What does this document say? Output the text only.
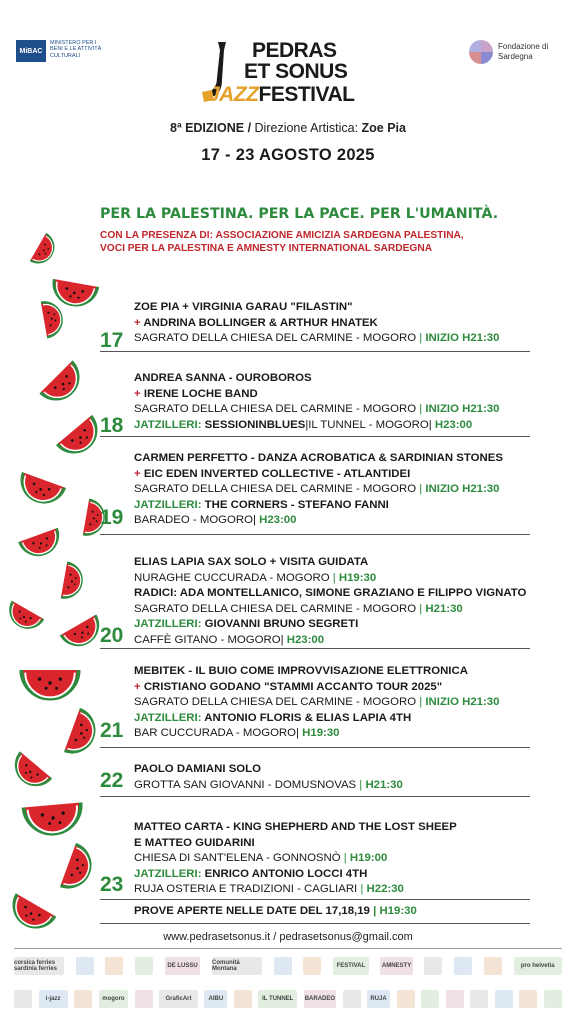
MiBAC
MINISTERO PER I BENI E LE ATTIVITÀ CULTURALI
Fondazione di Sardegna
PEDRAS
ET SONUS
JAZZFESTIVAL
8ª EDIZIONE / Direzione Artistica: Zoe Pia
17 - 23 AGOSTO 2025
PER LA PALESTINA. PER LA PACE. PER L'UMANITÀ.
CON LA PRESENZA DI: ASSOCIAZIONE AMICIZIA SARDEGNA PALESTINA,
VOCI PER LA PALESTINA E AMNESTY INTERNATIONAL SARDEGNA
ZOE PIA + VIRGINIA GARAU "FILASTIN"
+ ANDRINA BOLLINGER & ARTHUR HNATEK
SAGRATO DELLA CHIESA DEL CARMINE - MOGORO | INIZIO H21:30
17
ANDREA SANNA - OUROBOROS
+ IRENE LOCHE BAND
SAGRATO DELLA CHIESA DEL CARMINE - MOGORO | INIZIO H21:30
JATZILLERI: SESSIONINBLUES|IL TUNNEL - MOGORO| H23:00
18
CARMEN PERFETTO - DANZA ACROBATICA & SARDINIAN STONES
+ EIC EDEN INVERTED COLLECTIVE - ATLANTIDEI
SAGRATO DELLA CHIESA DEL CARMINE - MOGORO | INIZIO H21:30
JATZILLERI: THE CORNERS - STEFANO FANNI
BARADEO - MOGORO| H23:00
19
ELIAS LAPIA SAX SOLO + VISITA GUIDATA
NURAGHE CUCCURADA - MOGORO | H19:30
RADICI: ADA MONTELLANICO, SIMONE GRAZIANO E FILIPPO VIGNATO
SAGRATO DELLA CHIESA DEL CARMINE - MOGORO | H21:30
JATZILLERI: GIOVANNI BRUNO SEGRETI
CAFFÈ GITANO - MOGORO| H23:00
20
MEBITEK - IL BUIO COME IMPROVVISAZIONE ELETTRONICA
+ CRISTIANO GODANO "STAMMI ACCANTO TOUR 2025"
SAGRATO DELLA CHIESA DEL CARMINE - MOGORO | INIZIO H21:30
JATZILLERI: ANTONIO FLORIS & ELIAS LAPIA 4TH
BAR CUCCURADA - MOGORO| H19:30
21
PAOLO DAMIANI SOLO
GROTTA SAN GIOVANNI - DOMUSNOVAS | H21:30
22
MATTEO CARTA - KING SHEPHERD AND THE LOST SHEEP
E MATTEO GUIDARINI
CHIESA DI SANT'ELENA - GONNOSNÒ | H19:00
JATZILLERI: ENRICO ANTONIO LOCCI 4TH
RUJA OSTERIA E TRADIZIONI - CAGLIARI | H22:30
23
PROVE APERTE NELLE DATE DEL 17,18,19 | H19:30
www.pedrasetsonus.it / pedrasetsonus@gmail.com
corsica ferries sardinia ferries	DE LUSSU	Comunità Montana	FESTIVAL	AMNESTY	pro helvetia
i-jazz	mogoro	GraficArt	AIBU	IL TUNNEL	BARADEO	RUJA
